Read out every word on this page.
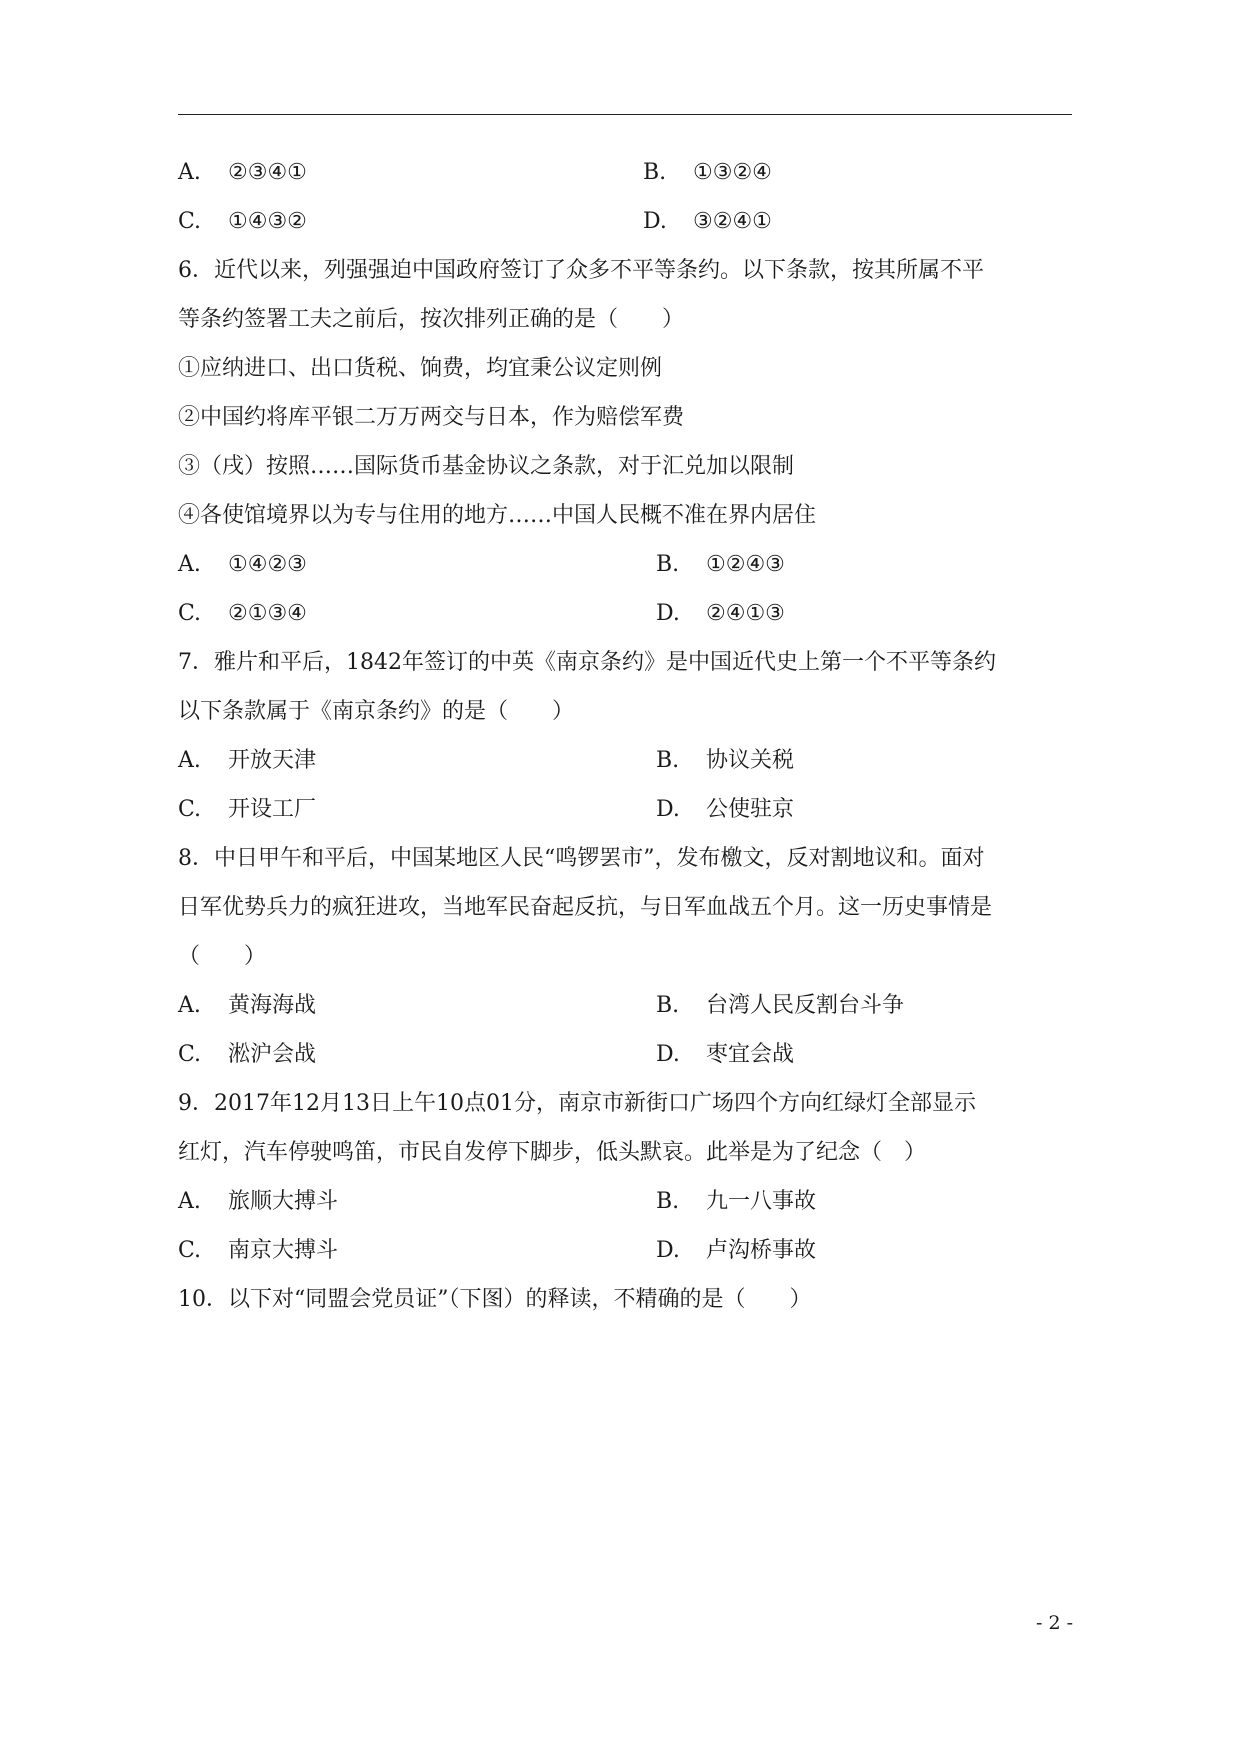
A. ②③④①	B. ①③②④
C. ①④③②	D. ③②④①
6．近代以来，列强强迫中国政府签订了众多不平等条约。以下条款，按其所属不平
等条约签署工夫之前后，按次排列正确的是（　　）
①应纳进口、出口货税、饷费，均宜秉公议定则例
②中国约将库平银二万万两交与日本，作为赔偿军费
③（戌）按照……国际货币基金协议之条款，对于汇兑加以限制
④各使馆境界以为专与住用的地方……中国人民概不准在界内居住
A. ①④②③	B. ①②④③
C. ②①③④	D. ②④①③
7．雅片和平后，1842年签订的中英《南京条约》是中国近代史上第一个不平等条约
以下条款属于《南京条约》的是（　　）
A. 开放天津	B. 协议关税
C. 开设工厂	D. 公使驻京
8．中日甲午和平后，中国某地区人民“鸣锣罢市”，发布檄文，反对割地议和。面对
日军优势兵力的疯狂进攻，当地军民奋起反抗，与日军血战五个月。这一历史事情是
（　　）
A. 黄海海战	B. 台湾人民反割台斗争
C. 淞沪会战	D. 枣宜会战
9．2017年12月13日上午10点01分，南京市新街口广场四个方向红绿灯全部显示
红灯，汽车停驶鸣笛，市民自发停下脚步，低头默哀。此举是为了纪念（　）
A. 旅顺大搏斗	B. 九一八事故
C. 南京大搏斗	D. 卢沟桥事故
10．以下对“同盟会党员证”（下图）的释读，不精确的是（　　）
- 2 -
